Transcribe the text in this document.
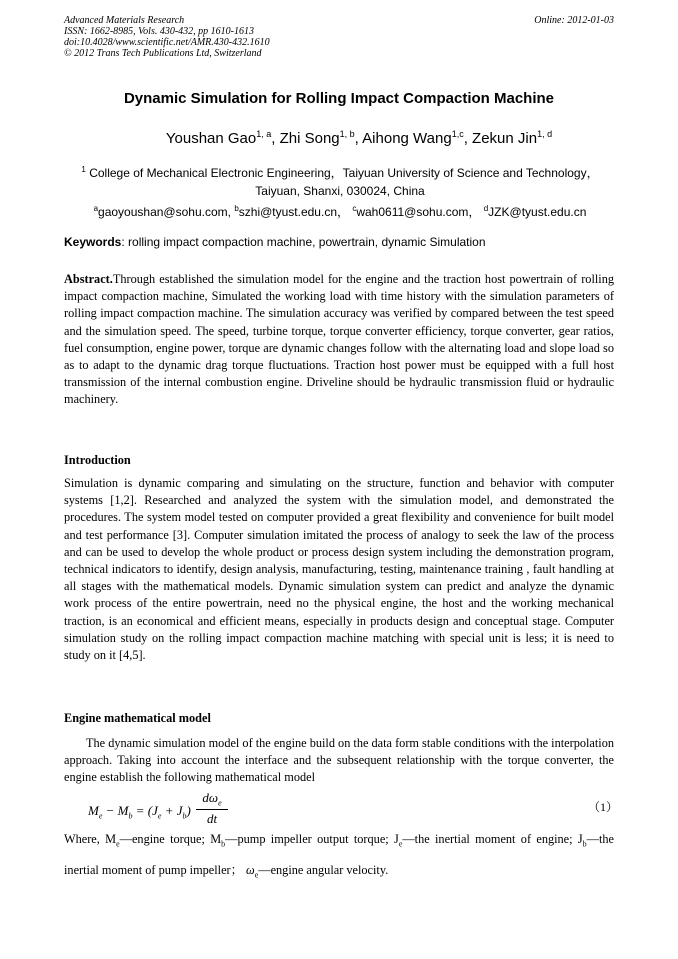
Advanced Materials Research
ISSN: 1662-8985, Vols. 430-432, pp 1610-1613
doi:10.4028/www.scientific.net/AMR.430-432.1610
© 2012 Trans Tech Publications Ltd, Switzerland
Online: 2012-01-03
Dynamic Simulation for Rolling Impact Compaction Machine
Youshan Gao$^{1, a}$, Zhi Song$^{1, b}$, Aihong Wang$^{1,c}$, Zekun Jin$^{1, d}$
$^1$ College of Mechanical Electronic Engineering，Taiyuan University of Science and Technology，
Taiyuan, Shanxi, 030024, China
$^a$gaoyoushan@sohu.com, $^b$szhi@tyust.edu.cn， $^c$wah0611@sohu.com， $^d$JZK@tyust.edu.cn
Keywords: rolling impact compaction machine, powertrain, dynamic Simulation
Abstract.Through established the simulation model for the engine and the traction host powertrain of rolling impact compaction machine, Simulated the working load with time history with the simulation parameters of rolling impact compaction machine. The simulation accuracy was verified by compared between the test speed and the simulation speed. The speed, turbine torque, torque converter efficiency, torque converter, gear ratios, fuel consumption, engine power, torque are dynamic changes follow with the alternating load and slope load so as to adapt to the dynamic drag torque fluctuations. Traction host power must be equipped with a full host transmission of the internal combustion engine. Driveline should be hydraulic transmission fluid or hydraulic machinery.
Introduction
Simulation is dynamic comparing and simulating on the structure, function and behavior with computer systems [1,2]. Researched and analyzed the system with the simulation model, and demonstrated the procedures. The system model tested on computer provided a great flexibility and convenience for built model and test performance [3]. Computer simulation imitated the process of analogy to seek the law of the process and can be used to develop the whole product or process design system including the demonstration program, technical indicators to identify, design analysis, manufacturing, testing, maintenance training , fault handling at all stages with the mathematical models. Dynamic simulation system can predict and analyze the dynamic work process of the entire powertrain, need no the physical engine, the host and the working mechanical traction, is an economical and efficient means, especially in products design and conceptual stage. Computer simulation study on the rolling impact compaction machine matching with special unit is less; it is need to study on it [4,5].
Engine mathematical model
The dynamic simulation model of the engine build on the data form stable conditions with the interpolation approach. Taking into account the interface and the subsequent relationship with the torque converter, the engine establish the following mathematical model
$M_e - M_b = (J_e + J_b)$
$d\omega_e$
dt
（1）
Where, $M_e—engine$ torque; $M_b—pump$ impeller output torque; $J_e—the$ inertial moment of engine; $J_b—the$ inertial moment of pump impeller； $\omega_e—engine$ angular velocity.
